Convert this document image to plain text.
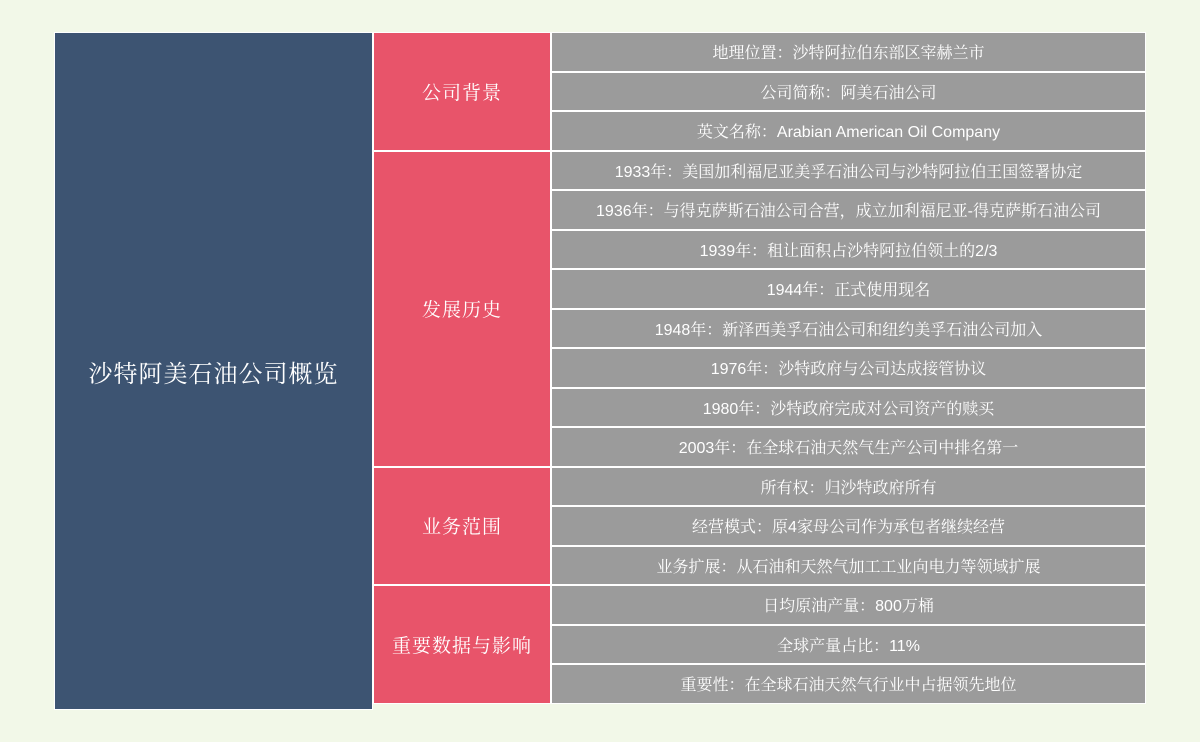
沙特阿美石油公司概览
公司背景
地理位置：沙特阿拉伯东部区宰赫兰市
公司简称：阿美石油公司
英文名称：Arabian American Oil Company
发展历史
1933年：美国加利福尼亚美孚石油公司与沙特阿拉伯王国签署协定
1936年：与得克萨斯石油公司合营，成立加利福尼亚-得克萨斯石油公司
1939年：租让面积占沙特阿拉伯领土的2/3
1944年：正式使用现名
1948年：新泽西美孚石油公司和纽约美孚石油公司加入
1976年：沙特政府与公司达成接管协议
1980年：沙特政府完成对公司资产的赎买
2003年：在全球石油天然气生产公司中排名第一
业务范围
所有权：归沙特政府所有
经营模式：原4家母公司作为承包者继续经营
业务扩展：从石油和天然气加工工业向电力等领域扩展
重要数据与影响
日均原油产量：800万桶
全球产量占比：11%
重要性：在全球石油天然气行业中占据领先地位
